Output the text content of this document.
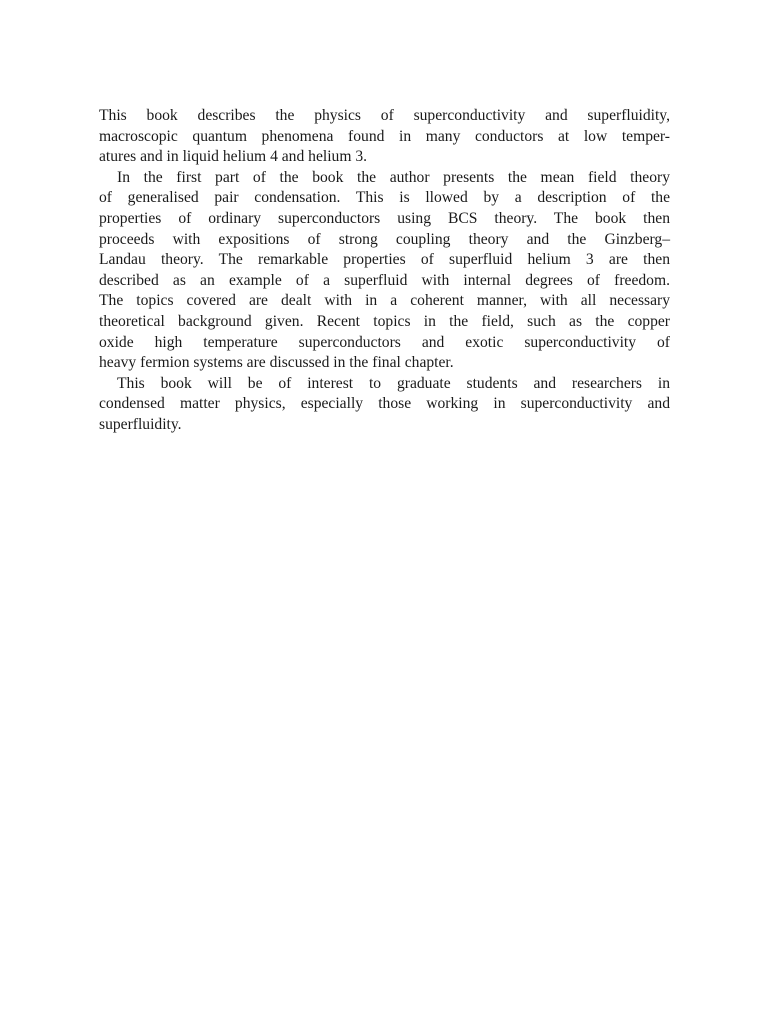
This book describes the physics of superconductivity and superfluidity,
macroscopic quantum phenomena found in many conductors at low temper-
atures and in liquid helium 4 and helium 3.
In the first part of the book the author presents the mean field theory
of generalised pair condensation. This is llowed by a description of the
properties of ordinary superconductors using BCS theory. The book then
proceeds with expositions of strong coupling theory and the Ginzberg–
Landau theory. The remarkable properties of superfluid helium 3 are then
described as an example of a superfluid with internal degrees of freedom.
The topics covered are dealt with in a coherent manner, with all necessary
theoretical background given. Recent topics in the field, such as the copper
oxide high temperature superconductors and exotic superconductivity of
heavy fermion systems are discussed in the final chapter.
This book will be of interest to graduate students and researchers in
condensed matter physics, especially those working in superconductivity and
superfluidity.
